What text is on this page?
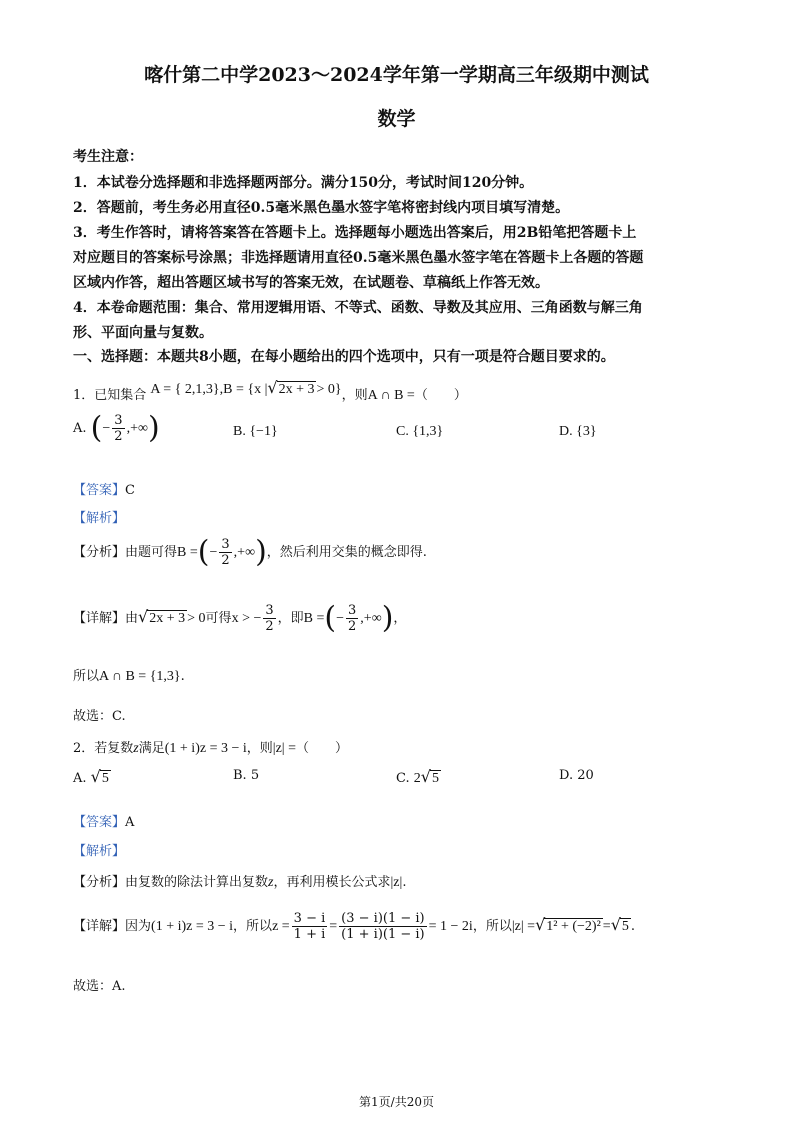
喀什第二中学2023～2024学年第一学期高三年级期中测试
数学
考生注意：
1．本试卷分选择题和非选择题两部分。满分150分，考试时间120分钟。
2．答题前，考生务必用直径0.5毫米黑色墨水签字笔将密封线内项目填写清楚。
3．考生作答时，请将答案答在答题卡上。选择题每小题选出答案后，用2B铅笔把答题卡上
对应题目的答案标号涂黑；非选择题请用直径0.5毫米黑色墨水签字笔在答题卡上各题的答题
区域内作答，超出答题区域书写的答案无效，在试题卷、草稿纸上作答无效。
4．本卷命题范围：集合、常用逻辑用语、不等式、函数、导数及其应用、三角函数与解三角
形、平面向量与复数。
一、选择题：本题共8小题，在每小题给出的四个选项中，只有一项是符合题目要求的。
1．已知集合 A = { 2,1,3},B = {x |√2x + 3 > 0}，则A ∩ B =（　　）
A. (− $\frac{3}{2}$ ,+∞)	B. {−1}	C. {1,3}	D. {3}
【答案】C
【解析】
【分析】由题可得B =(− $\frac{3}{2}$ ,+∞)，然后利用交集的概念即得.
【详解】由√2x + 3 > 0可得x > − $\frac{3}{2}$ ，即B =(− $\frac{3}{2}$ ,+∞)，
所以A ∩ B = {1,3}.
故选：C.
2．若复数z满足(1 + i)z = 3 − i，则|z| =（　　）
A. √5	B. 5	C. 2√5	D. 20
【答案】A
【解析】
【分析】由复数的除法计算出复数z，再利用模长公式求|z|.
【详解】因为(1 + i)z = 3 − i，所以$z = \frac{3 - i}{1 + i} = \frac{(3 - i)(1 - i)}{(1 + i)(1 - i)} = 1 - 2i$，所以|z| =√1² + (−2)² =√5 .
故选：A.
第1页/共20页
